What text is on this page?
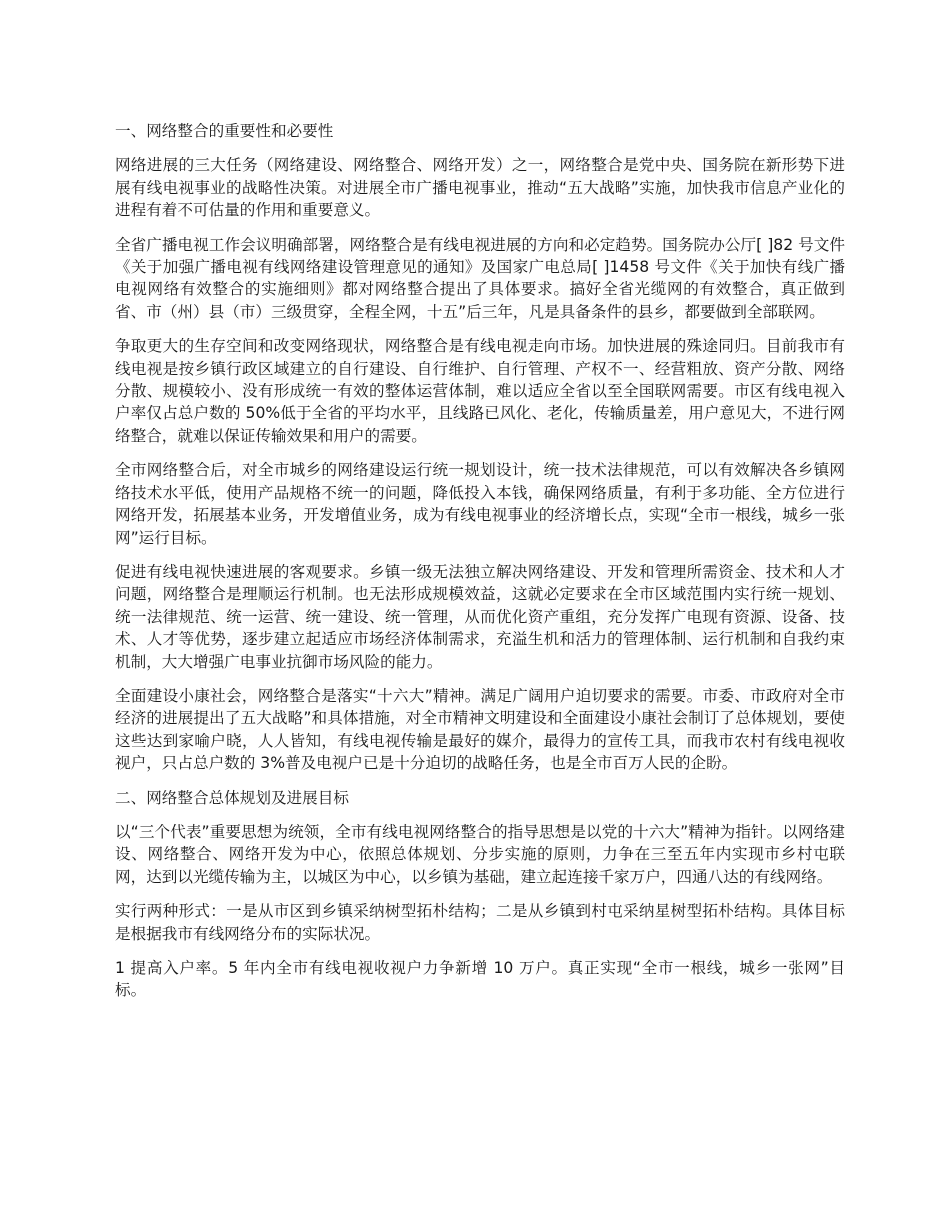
一、网络整合的重要性和必要性

网络进展的三大任务（网络建设、网络整合、网络开发）之一，网络整合是党中央、国务院在新形势下进展有线电视事业的战略性决策。对进展全市广播电视事业，推动“五大战略”实施，加快我市信息产业化的进程有着不可估量的作用和重要意义。

全省广播电视工作会议明确部署，网络整合是有线电视进展的方向和必定趋势。国务院办公厅[ ]82 号文件《关于加强广播电视有线网络建设管理意见的通知》及国家广电总局[ ]1458 号文件《关于加快有线广播电视网络有效整合的实施细则》都对网络整合提出了具体要求。搞好全省光缆网的有效整合，真正做到省、市（州）县（市）三级贯穿，全程全网，十五”后三年，凡是具备条件的县乡，都要做到全部联网。

争取更大的生存空间和改变网络现状，网络整合是有线电视走向市场。加快进展的殊途同归。目前我市有线电视是按乡镇行政区域建立的自行建设、自行维护、自行管理、产权不一、经营粗放、资产分散、网络分散、规模较小、没有形成统一有效的整体运营体制，难以适应全省以至全国联网需要。市区有线电视入户率仅占总户数的 50%低于全省的平均水平，且线路已风化、老化，传输质量差，用户意见大，不进行网络整合，就难以保证传输效果和用户的需要。

全市网络整合后，对全市城乡的网络建设运行统一规划设计，统一技术法律规范，可以有效解决各乡镇网络技术水平低，使用产品规格不统一的问题，降低投入本钱，确保网络质量，有利于多功能、全方位进行网络开发，拓展基本业务，开发增值业务，成为有线电视事业的经济增长点，实现“全市一根线，城乡一张网”运行目标。

促进有线电视快速进展的客观要求。乡镇一级无法独立解决网络建设、开发和管理所需资金、技术和人才问题，网络整合是理顺运行机制。也无法形成规模效益，这就必定要求在全市区域范围内实行统一规划、统一法律规范、统一运营、统一建设、统一管理，从而优化资产重组，充分发挥广电现有资源、设备、技术、人才等优势，逐步建立起适应市场经济体制需求，充溢生机和活力的管理体制、运行机制和自我约束机制，大大增强广电事业抗御市场风险的能力。

全面建设小康社会，网络整合是落实“十六大”精神。满足广阔用户迫切要求的需要。市委、市政府对全市经济的进展提出了五大战略”和具体措施，对全市精神文明建设和全面建设小康社会制订了总体规划，要使这些达到家喻户晓，人人皆知，有线电视传输是最好的媒介，最得力的宣传工具，而我市农村有线电视收视户，只占总户数的 3%普及电视户已是十分迫切的战略任务，也是全市百万人民的企盼。

二、网络整合总体规划及进展目标

以“三个代表”重要思想为统领，全市有线电视网络整合的指导思想是以党的十六大”精神为指针。以网络建设、网络整合、网络开发为中心，依照总体规划、分步实施的原则，力争在三至五年内实现市乡村屯联网，达到以光缆传输为主，以城区为中心，以乡镇为基础，建立起连接千家万户，四通八达的有线网络。

实行两种形式：一是从市区到乡镇采纳树型拓朴结构；二是从乡镇到村屯采纳星树型拓朴结构。具体目标是根据我市有线网络分布的实际状况。

1 提高入户率。5 年内全市有线电视收视户力争新增 10 万户。真正实现“全市一根线，城乡一张网”目标。
